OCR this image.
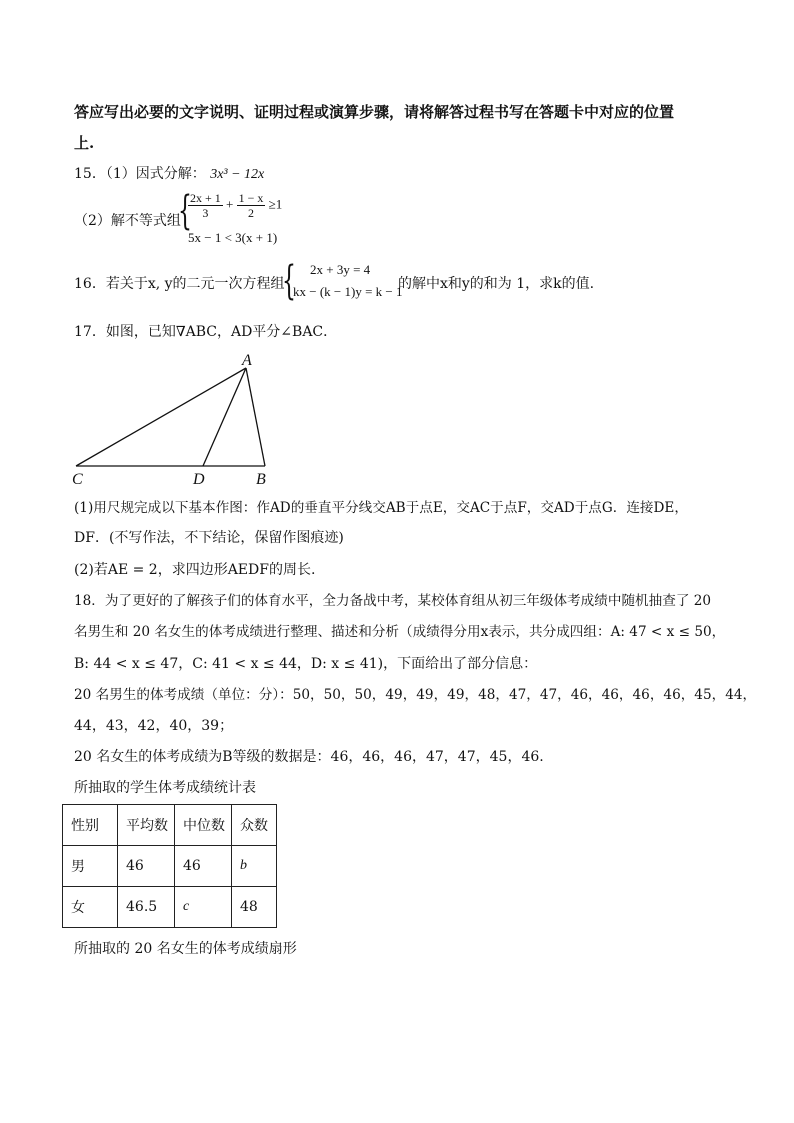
答应写出必要的文字说明、证明过程或演算步骤，请将解答过程书写在答题卡中对应的位置
上.
15．（1）因式分解： 3x³ − 12x
（2）解不等式组
{
$\frac{2x + 1}{3} + \frac{1 - x}{2} \ge 1$
5x − 1 < 3(x + 1)
16．若关于x, y的二元一次方程组
{ 2x + 3y = 4
kx − (k − 1)y = k − 1
的解中x和y的和为 1，求k的值.
17．如图，已知∇ABC，AD平分∠BAC．
A
C	D	B
(1)用尺规完成以下基本作图：作AD的垂直平分线交AB于点E，交AC于点F，交AD于点G．连接DE，
DF．(不写作法，不下结论，保留作图痕迹)
(2)若AE = 2，求四边形AEDF的周长.
18．为了更好的了解孩子们的体育水平，全力备战中考，某校体育组从初三年级体考成绩中随机抽查了 20
名男生和 20 名女生的体考成绩进行整理、描述和分析（成绩得分用x表示，共分成四组：A: 47 < x ≤ 50，
B: 44 < x ≤ 47，C: 41 < x ≤ 44，D: x ≤ 41)，下面给出了部分信息：
20 名男生的体考成绩（单位：分）：50，50，50，49，49，49，48，47，47，46，46，46，46，45，44，
44，43，42，40，39；
20 名女生的体考成绩为B等级的数据是：46，46，46，47，47，45，46.
所抽取的学生体考成绩统计表
性别	平均数	中位数	众数
男	46	46	b
女	46.5	c	48
所抽取的 20 名女生的体考成绩扇形
